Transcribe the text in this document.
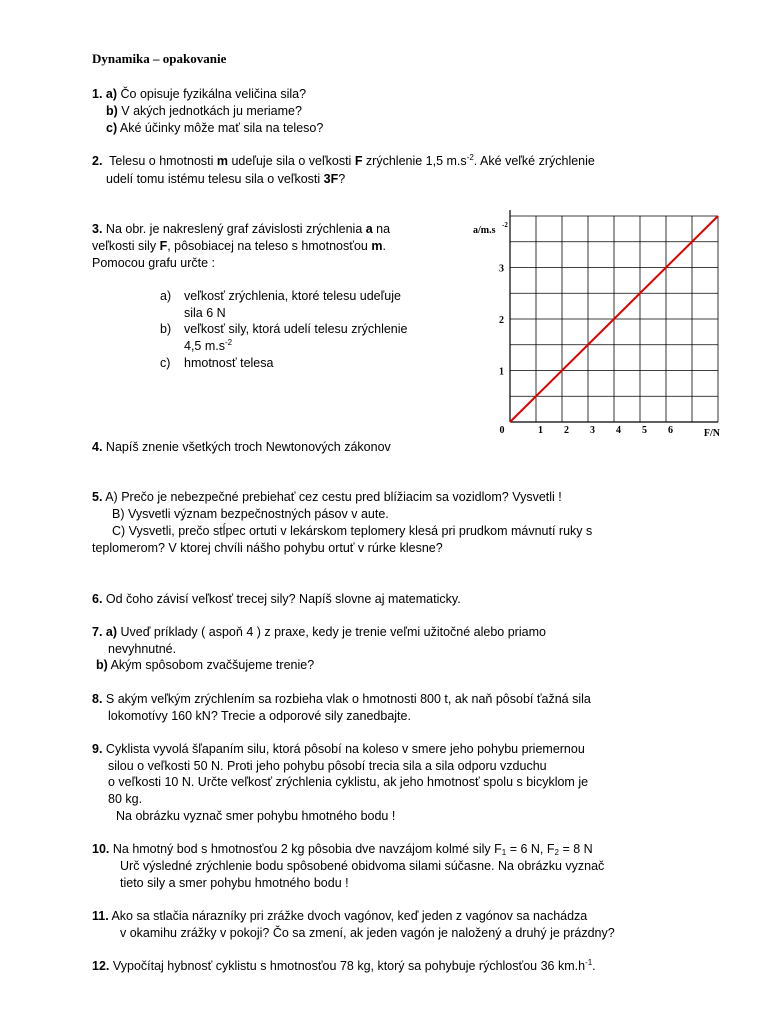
Dynamika – opakovanie
1. a) Čo opisuje fyzikálna veličina sila?
b) V akých jednotkách ju meriame?
c) Aké účinky môže mať sila na teleso?
2. Telesu o hmotnosti m udeľuje sila o veľkosti F zrýchlenie 1,5 $m.s^{-2}$. Aké veľké zrýchlenie
udelí tomu istému telesu sila o veľkosti 3F?
3. Na obr. je nakreslený graf závislosti zrýchlenia a na
veľkosti sily F, pôsobiacej na teleso s hmotnosťou m.
Pomocou grafu určte :
a) veľkosť zrýchlenia, ktoré telesu udeľuje
sila 6 N
b) veľkosť sily, ktorá udelí telesu zrýchlenie
4,5 $m.s^{-2}$
c) hmotnosť telesa
1 2 3 4 5 6
1
2
3
0	F/N
a/m.s -2
4. Napíš znenie všetkých troch Newtonových zákonov
5. A) Prečo je nebezpečné prebiehať cez cestu pred blížiacim sa vozidlom? Vysvetli !
B) Vysvetli význam bezpečnostných pásov v aute.
C) Vysvetli, prečo stĺpec ortuti v lekárskom teplomery klesá pri prudkom mávnutí ruky s
teplomerom? V ktorej chvíli nášho pohybu ortuť v rúrke klesne?
6. Od čoho závisí veľkosť trecej sily? Napíš slovne aj matematicky.
7. a) Uveď príklady ( aspoň 4 ) z praxe, kedy je trenie veľmi užitočné alebo priamo
nevyhnutné.
b) Akým spôsobom zvačšujeme trenie?
8. S akým veľkým zrýchlením sa rozbieha vlak o hmotnosti 800 t, ak naň pôsobí ťažná sila
lokomotívy 160 kN? Trecie a odporové sily zanedbajte.
9. Cyklista vyvolá šľapaním silu, ktorá pôsobí na koleso v smere jeho pohybu priemernou
silou o veľkosti 50 N. Proti jeho pohybu pôsobí trecia sila a sila odporu vzduchu
o veľkosti 10 N. Určte veľkosť zrýchlenia cyklistu, ak jeho hmotnosť spolu s bicyklom je
80 kg.
Na obrázku vyznač smer pohybu hmotného bodu !
10. Na hmotný bod s hmotnosťou 2 kg pôsobia dve navzájom kolmé sily $F_1 = 6$ N, $F_2 = 8$ N
Urč výsledné zrýchlenie bodu spôsobené obidvoma silami súčasne. Na obrázku vyznač
tieto sily a smer pohybu hmotného bodu !
11. Ako sa stlačia nárazníky pri zrážke dvoch vagónov, keď jeden z vagónov sa nachádza
v okamihu zrážky v pokoji? Čo sa zmení, ak jeden vagón je naložený a druhý je prázdny?
12. Vypočítaj hybnosť cyklistu s hmotnosťou 78 kg, ktorý sa pohybuje rýchlosťou 36 $km.h^{-1}$.
